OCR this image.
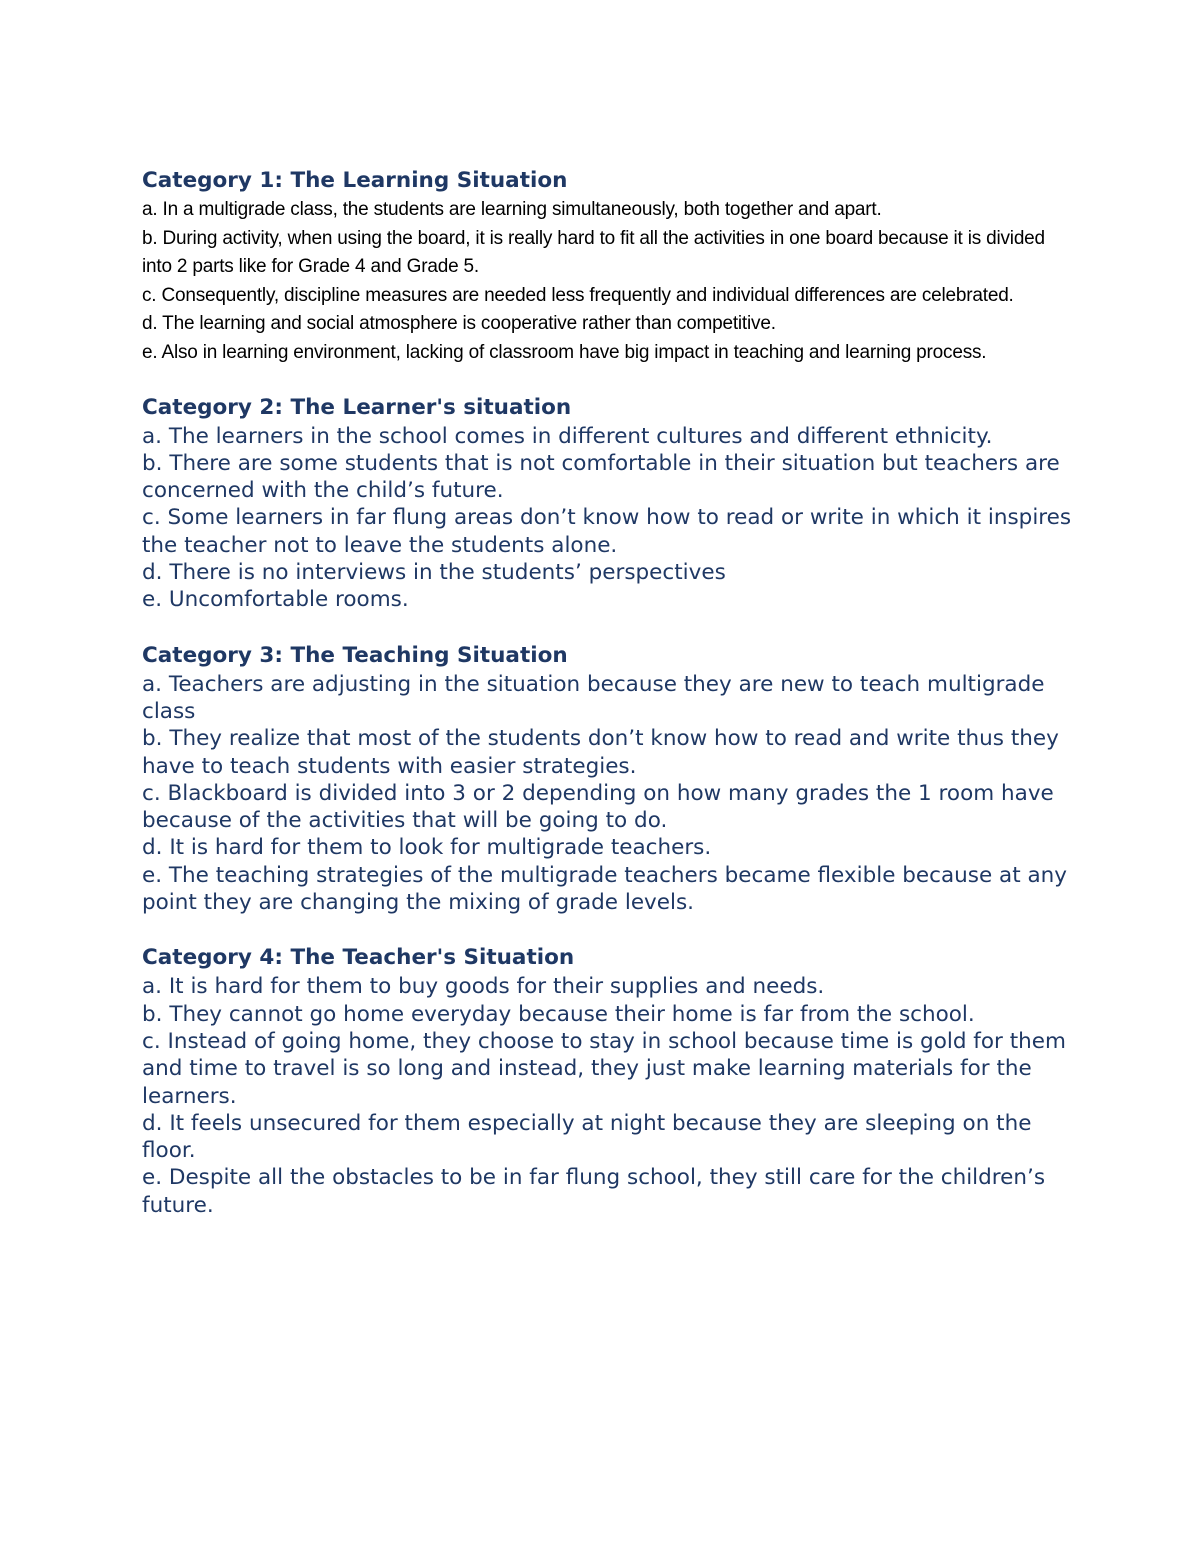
Category 1: The Learning Situation
a. In a multigrade class, the students are learning simultaneously, both together and apart.
b. During activity, when using the board, it is really hard to fit all the activities in one board because it is divided into 2 parts like for Grade 4 and Grade 5.
c. Consequently, discipline measures are needed less frequently and individual differences are celebrated.
d. The learning and social atmosphere is cooperative rather than competitive.
e. Also in learning environment, lacking of classroom have big impact in teaching and learning process.
Category 2: The Learner's situation
a. The learners in the school comes in different cultures and different ethnicity.
b. There are some students that is not comfortable in their situation but teachers are concerned with the child’s future.
c. Some learners in far flung areas don’t know how to read or write in which it inspires the teacher not to leave the students alone.
d. There is no interviews in the students’ perspectives
e. Uncomfortable rooms.
Category 3: The Teaching Situation
a. Teachers are adjusting in the situation because they are new to teach multigrade class
b. They realize that most of the students don’t know how to read and write thus they have to teach students with easier strategies.
c. Blackboard is divided into 3 or 2 depending on how many grades the 1 room have because of the activities that will be going to do.
d. It is hard for them to look for multigrade teachers.
e. The teaching strategies of the multigrade teachers became flexible because at any point they are changing the mixing of grade levels.
Category 4: The Teacher's Situation
a. It is hard for them to buy goods for their supplies and needs.
b. They cannot go home everyday because their home is far from the school.
c. Instead of going home, they choose to stay in school because time is gold for them and time to travel is so long and instead, they just make learning materials for the learners.
d. It feels unsecured for them especially at night because they are sleeping on the floor.
e. Despite all the obstacles to be in far flung school, they still care for the children’s future.
